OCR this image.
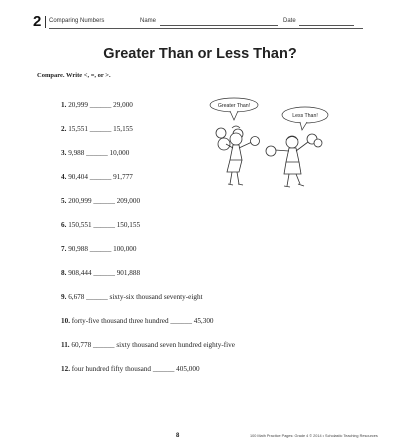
2 Comparing Numbers	Name	Date
Greater Than or Less Than?
Compare. Write <, =, or >.
1. 20,999 ______ 29,000
2. 15,551 ______ 15,155
3. 9,988 ______ 10,000
4. 90,404 ______ 91,777
5. 200,999 ______ 209,000
6. 150,551 ______ 150,155
7. 90,988 ______ 100,000
8. 908,444 ______ 901,888
9. 6,678 ______ sixty-six thousand seventy-eight
10. forty-five thousand three hundred ______ 45,300
11. 60,778 ______ sixty thousand seven hundred eighty-five
12. four hundred fifty thousand ______ 405,000
Greater Than!
Less Than!
8	100 Math Practice Pages: Grade 4 © 2014 • Scholastic Teaching Resources
